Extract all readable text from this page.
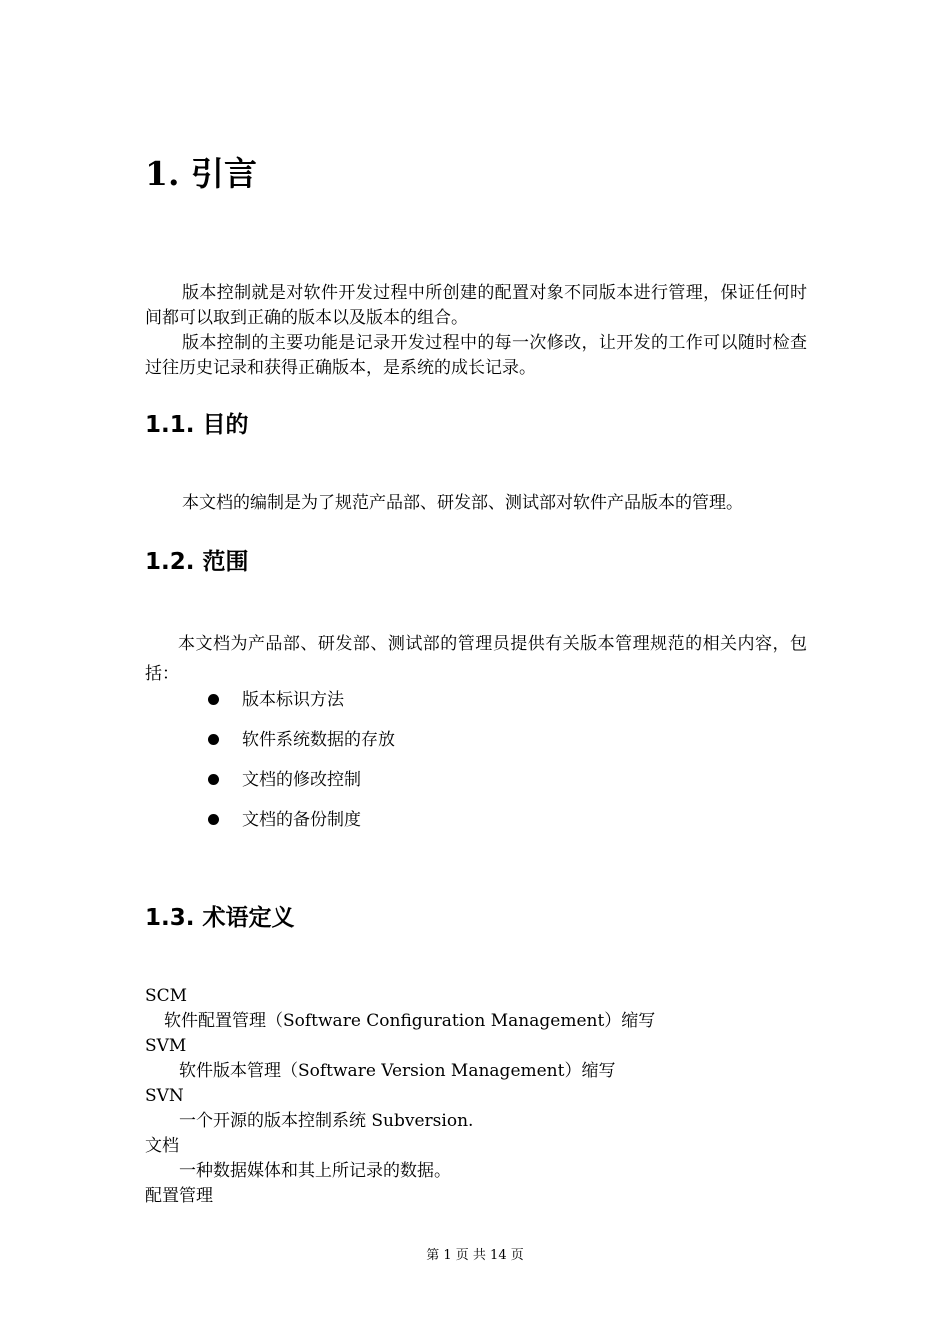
1. 引言
版本控制就是对软件开发过程中所创建的配置对象不同版本进行管理，保证任何时间都可以取到正确的版本以及版本的组合。
版本控制的主要功能是记录开发过程中的每一次修改，让开发的工作可以随时检查过往历史记录和获得正确版本，是系统的成长记录。
1.1. 目的
本文档的编制是为了规范产品部、研发部、测试部对软件产品版本的管理。
1.2. 范围
本文档为产品部、研发部、测试部的管理员提供有关版本管理规范的相关内容，包括：
版本标识方法
软件系统数据的存放
文档的修改控制
文档的备份制度
1.3. 术语定义
SCM
软件配置管理（Software Configuration Management）缩写
SVM
软件版本管理（Software Version Management）缩写
SVN
一个开源的版本控制系统 Subversion.
文档
一种数据媒体和其上所记录的数据。
配置管理
第 1 页 共 14 页
